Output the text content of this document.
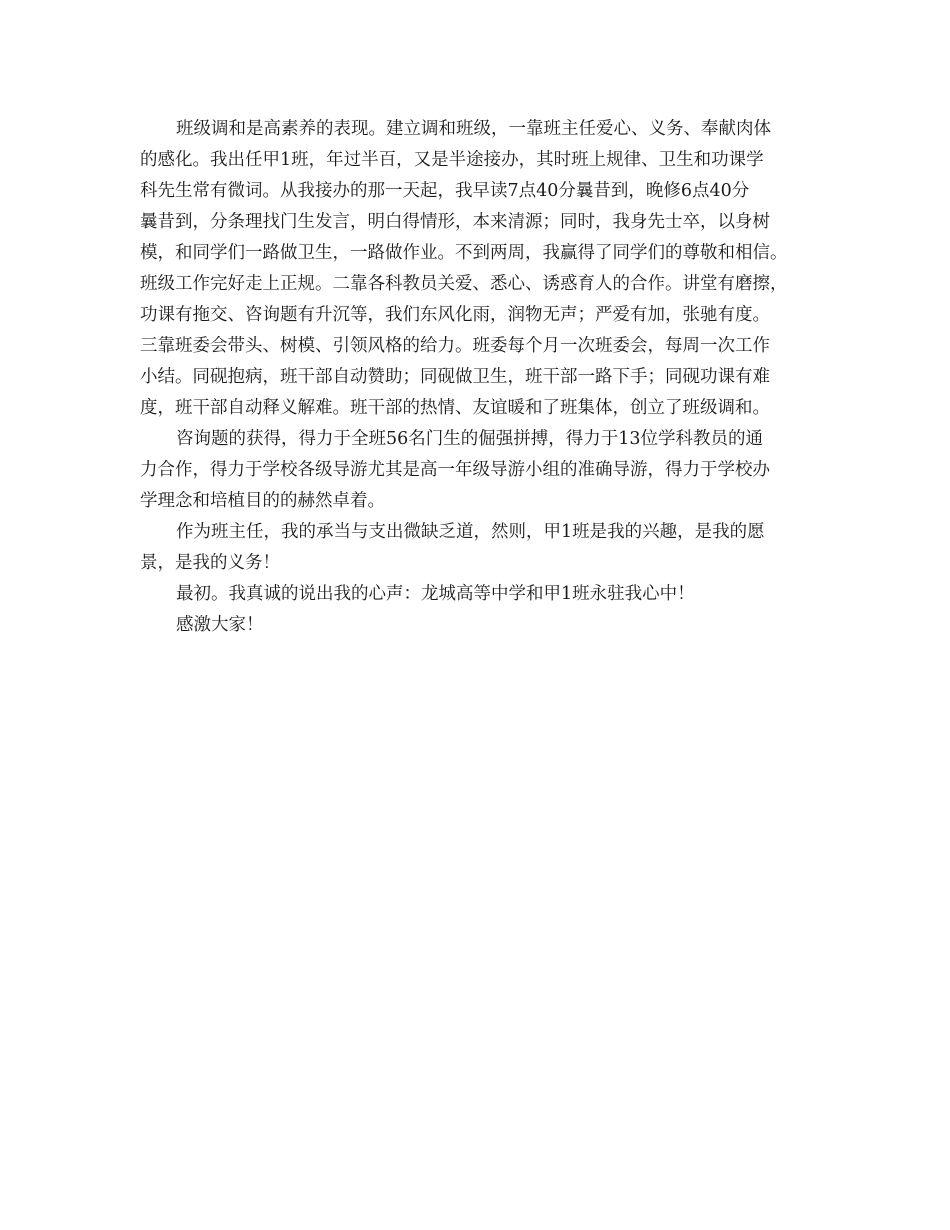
班级调和是高素养的表现。建立调和班级，一靠班主任爱心、义务、奉献肉体
的感化。我出任甲1班，年过半百，又是半途接办，其时班上规律、卫生和功课学
科先生常有微词。从我接办的那一天起，我早读7点40分曩昔到，晚修6点40分
曩昔到，分条理找门生发言，明白得情形，本来清源；同时，我身先士卒，以身树
模，和同学们一路做卫生，一路做作业。不到两周，我赢得了同学们的尊敬和相信。
班级工作完好走上正规。二靠各科教员关爱、悉心、诱惑育人的合作。讲堂有磨擦，
功课有拖交、咨询题有升沉等，我们东风化雨，润物无声；严爱有加，张驰有度。
三靠班委会带头、树模、引领风格的给力。班委每个月一次班委会，每周一次工作
小结。同砚抱病，班干部自动赞助；同砚做卫生，班干部一路下手；同砚功课有难
度，班干部自动释义解难。班干部的热情、友谊暖和了班集体，创立了班级调和。
咨询题的获得，得力于全班56名门生的倔强拼搏，得力于13位学科教员的通
力合作，得力于学校各级导游尤其是高一年级导游小组的准确导游，得力于学校办
学理念和培植目的的赫然卓着。
作为班主任，我的承当与支出微缺乏道，然则，甲1班是我的兴趣，是我的愿
景，是我的义务！
最初。我真诚的说出我的心声：龙城高等中学和甲1班永驻我心中！
感激大家！
